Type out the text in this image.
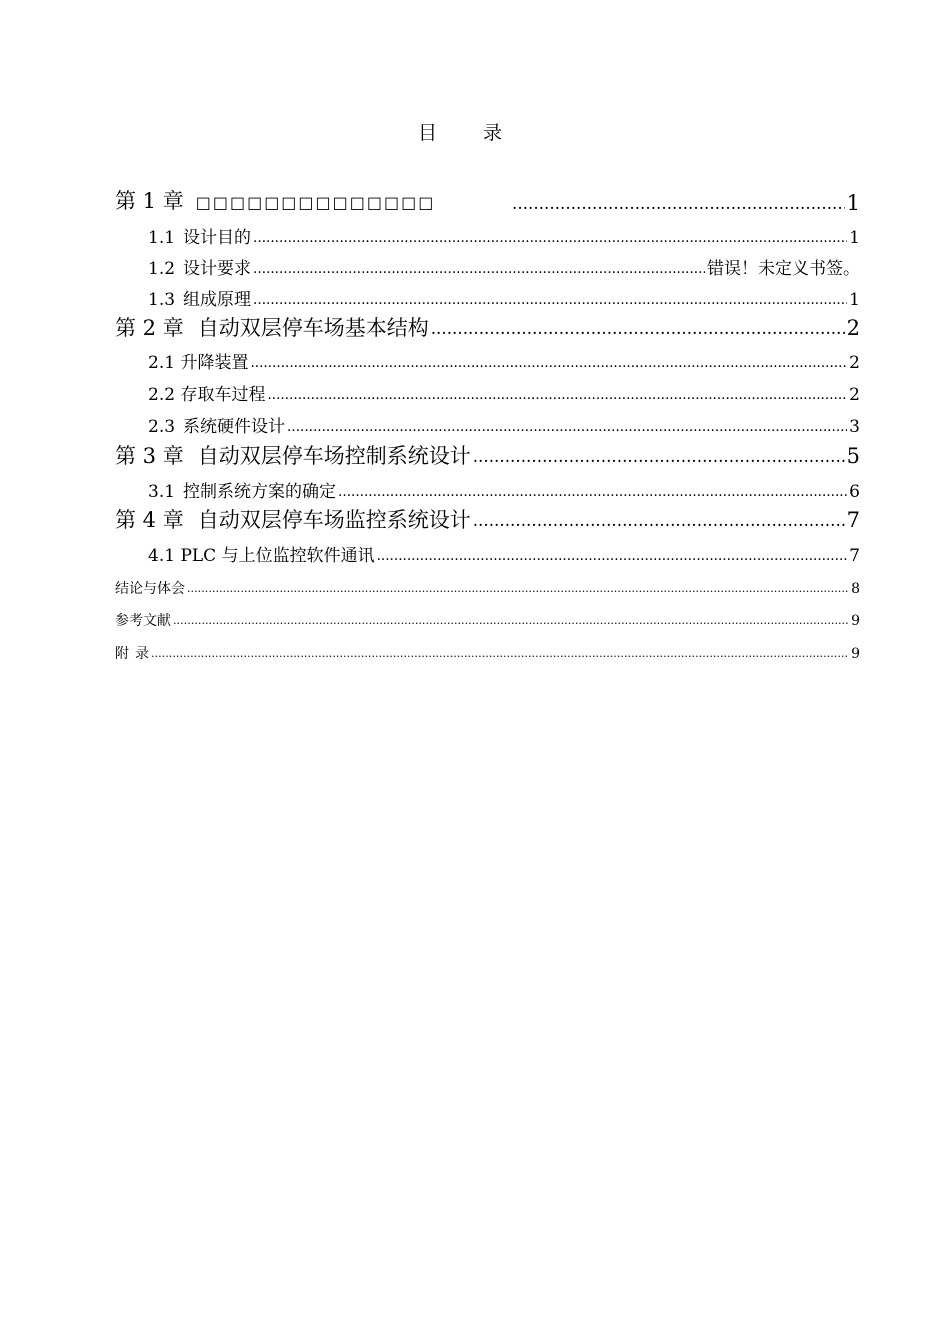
目 录
第 1 章 □□□□□□□□□□□□□□ .....	1
1.1 设计目的 .....	1
1.2 设计要求 .....	错误！未定义书签。
1.3 组成原理 .....	1
第 2 章 自动双层停车场基本结构 .....	2
2.1 升降装置 .....	2
2.2 存取车过程 .....	2
2.3 系统硬件设计 .....	3
第 3 章 自动双层停车场控制系统设计 .....	5
3.1 控制系统方案的确定 .....	6
第 4 章 自动双层停车场监控系统设计 .....	7
4.1 PLC 与上位监控软件通讯 .....	7
结论与体会 .....	8
参考文献 .....	9
附 录 .....	9
